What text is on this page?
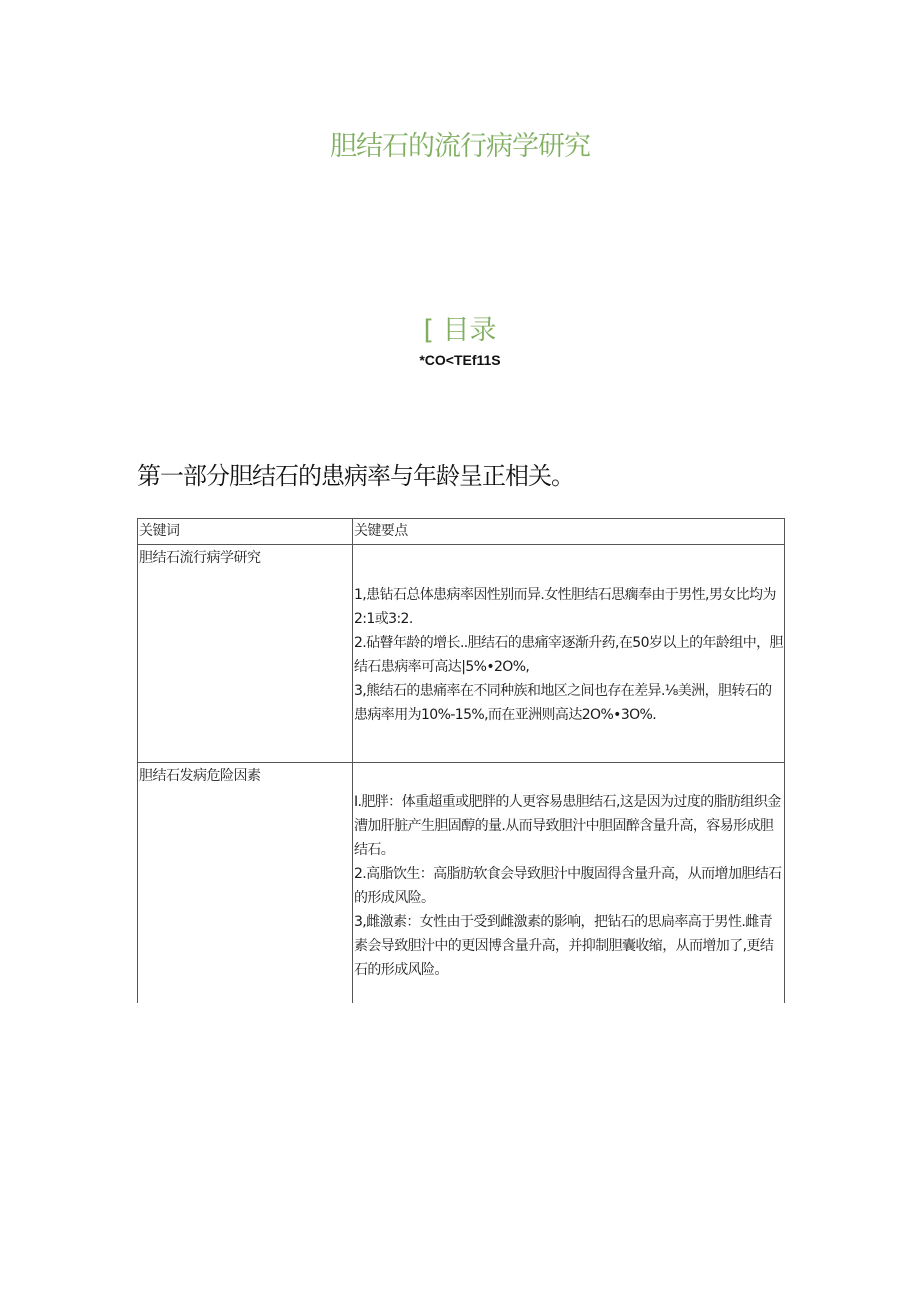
胆结石的流行病学研究
[ 目录
*CO<TEf11S
第一部分胆结石的患病率与年龄呈正相关。
关键词	关键要点
胆结石流行病学研究

1,患钻石总体患病率因性别而异.女性胆结石思瘸奉由于男性,男女比均为2:1或3:2.

2.砧瞽年龄的增长..胆结石的患痛宰逐渐升药,在50岁以上的年龄组中，胆结石患病率可高达|5%•2O%,

3,熊结石的患痛率在不同种族和地区之间也存在差异.⅛美洲，胆转石的患病率用为10%-15%,而在亚洲则高达2O%•3O%.

胆结石发病危险因素

I.肥胖：体重超重或肥胖的人更容易患胆结石,这是因为过度的脂肪组织金漕加肝脏产生胆固醇的量.从而导致胆汁中胆固醉含量升高，容易形成胆结石。

2.高脂饮生：高脂肪软食会导致胆汁中腹固得含量升高，从而增加胆结石的形成风险。

3,雌激素：女性由于受到雌激素的影响，把钻石的思扃率高于男性.雌青素会导致胆汁中的更因博含量升高，并抑制胆囊收缩，从而增加了,更结石的形成风险。
